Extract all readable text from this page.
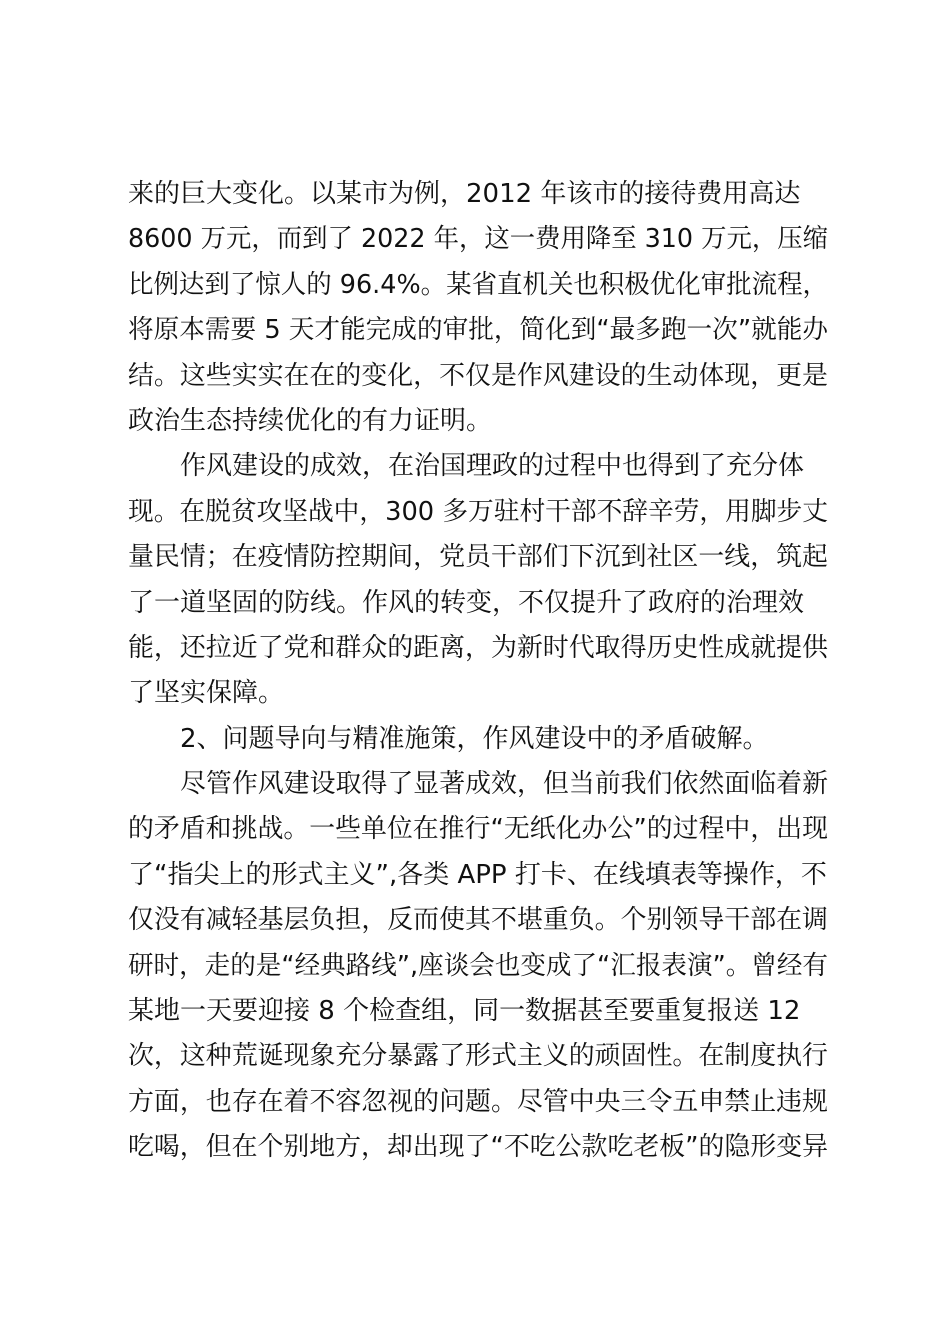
来的巨大变化。以某市为例，2012 年该市的接待费用高达
8600 万元，而到了 2022 年，这一费用降至 310 万元，压缩
比例达到了惊人的 96.4%。某省直机关也积极优化审批流程，
将原本需要 5 天才能完成的审批，简化到“最多跑一次”就能办
结。这些实实在在的变化，不仅是作风建设的生动体现，更是
政治生态持续优化的有力证明。
作风建设的成效，在治国理政的过程中也得到了充分体
现。在脱贫攻坚战中，300 多万驻村干部不辞辛劳，用脚步丈
量民情；在疫情防控期间，党员干部们下沉到社区一线，筑起
了一道坚固的防线。作风的转变，不仅提升了政府的治理效
能，还拉近了党和群众的距离，为新时代取得历史性成就提供
了坚实保障。
2、问题导向与精准施策，作风建设中的矛盾破解。
尽管作风建设取得了显著成效，但当前我们依然面临着新
的矛盾和挑战。一些单位在推行“无纸化办公”的过程中，出现
了“指尖上的形式主义”,各类 APP 打卡、在线填表等操作，不
仅没有减轻基层负担，反而使其不堪重负。个别领导干部在调
研时，走的是“经典路线”,座谈会也变成了“汇报表演”。曾经有
某地一天要迎接 8 个检查组，同一数据甚至要重复报送 12
次，这种荒诞现象充分暴露了形式主义的顽固性。在制度执行
方面，也存在着不容忽视的问题。尽管中央三令五申禁止违规
吃喝，但在个别地方，却出现了“不吃公款吃老板”的隐形变异
